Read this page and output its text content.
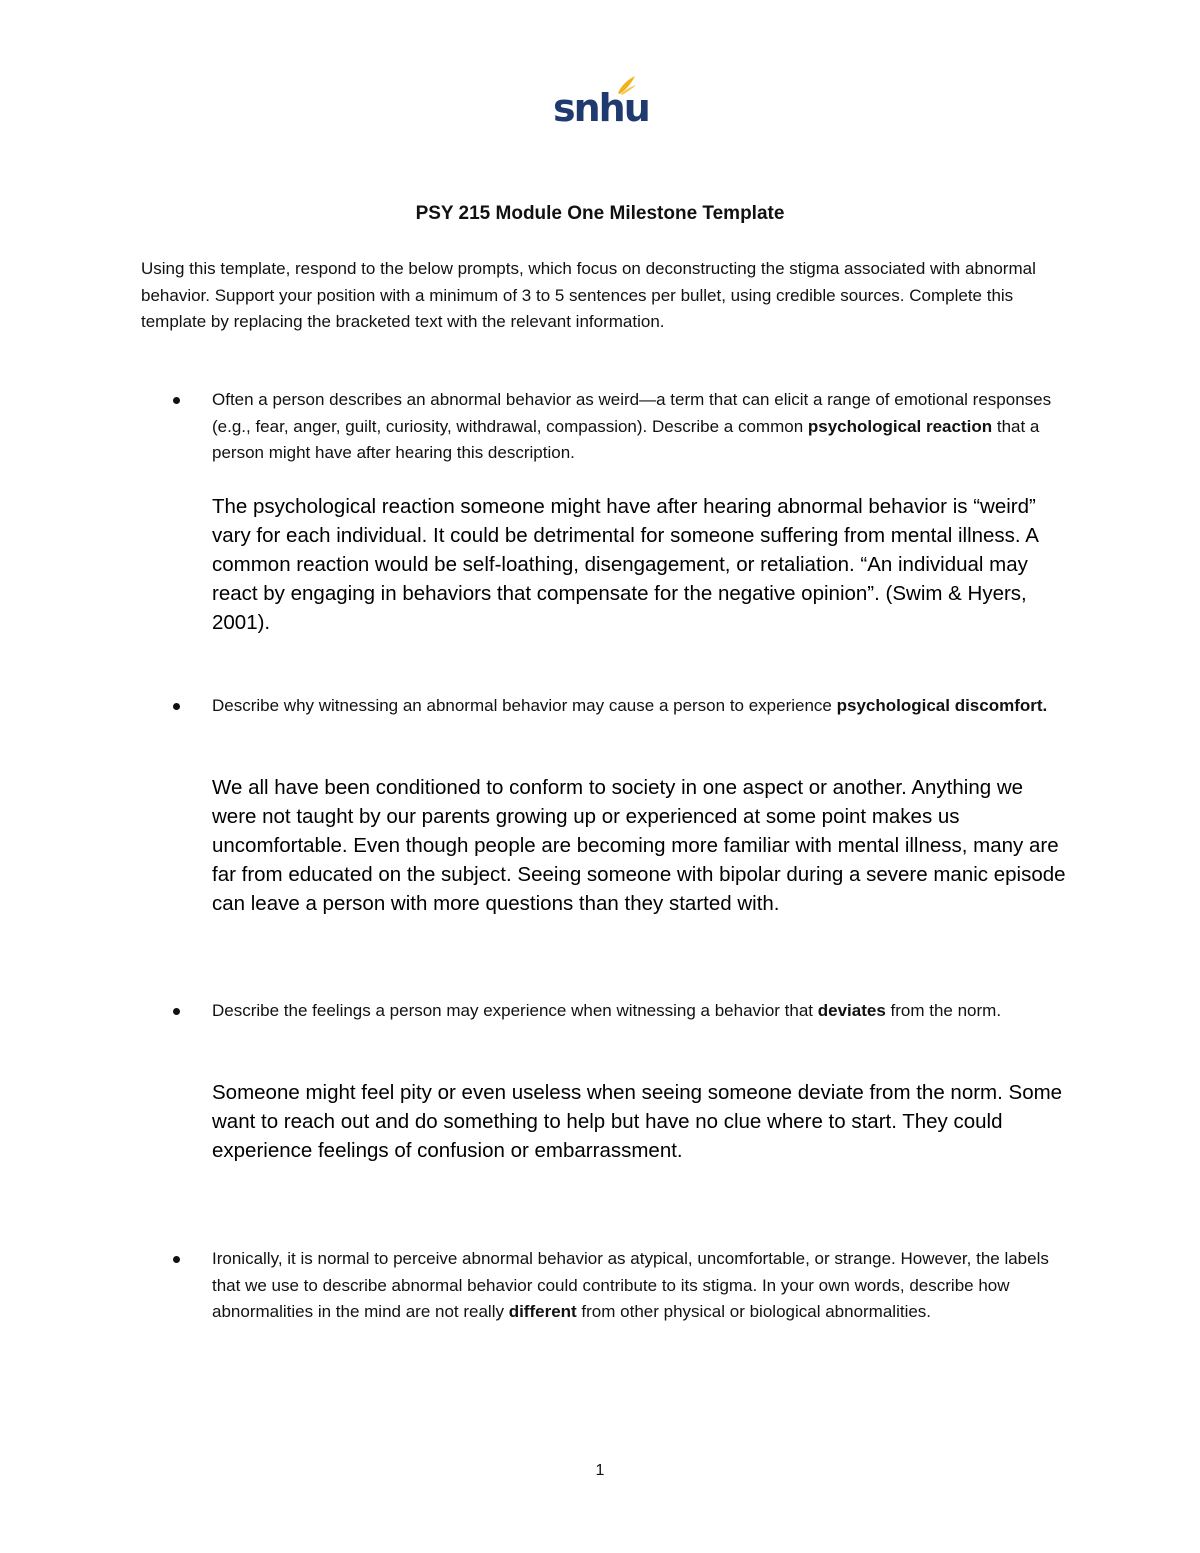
snhu
PSY 215 Module One Milestone Template
Using this template, respond to the below prompts, which focus on deconstructing the stigma associated with abnormal behavior. Support your position with a minimum of 3 to 5 sentences per bullet, using credible sources. Complete this template by replacing the bracketed text with the relevant information.
Often a person describes an abnormal behavior as weird—a term that can elicit a range of emotional responses (e.g., fear, anger, guilt, curiosity, withdrawal, compassion). Describe a common psychological reaction that a person might have after hearing this description.
The psychological reaction someone might have after hearing abnormal behavior is “weird” vary for each individual. It could be detrimental for someone suffering from mental illness. A common reaction would be self-loathing, disengagement, or retaliation. “An individual may react by engaging in behaviors that compensate for the negative opinion”. (Swim & Hyers, 2001).
Describe why witnessing an abnormal behavior may cause a person to experience psychological discomfort.
We all have been conditioned to conform to society in one aspect or another. Anything we were not taught by our parents growing up or experienced at some point makes us uncomfortable. Even though people are becoming more familiar with mental illness, many are far from educated on the subject. Seeing someone with bipolar during a severe manic episode can leave a person with more questions than they started with.
Describe the feelings a person may experience when witnessing a behavior that deviates from the norm.
Someone might feel pity or even useless when seeing someone deviate from the norm. Some want to reach out and do something to help but have no clue where to start. They could experience feelings of confusion or embarrassment.
Ironically, it is normal to perceive abnormal behavior as atypical, uncomfortable, or strange. However, the labels that we use to describe abnormal behavior could contribute to its stigma. In your own words, describe how abnormalities in the mind are not really different from other physical or biological abnormalities.
1
